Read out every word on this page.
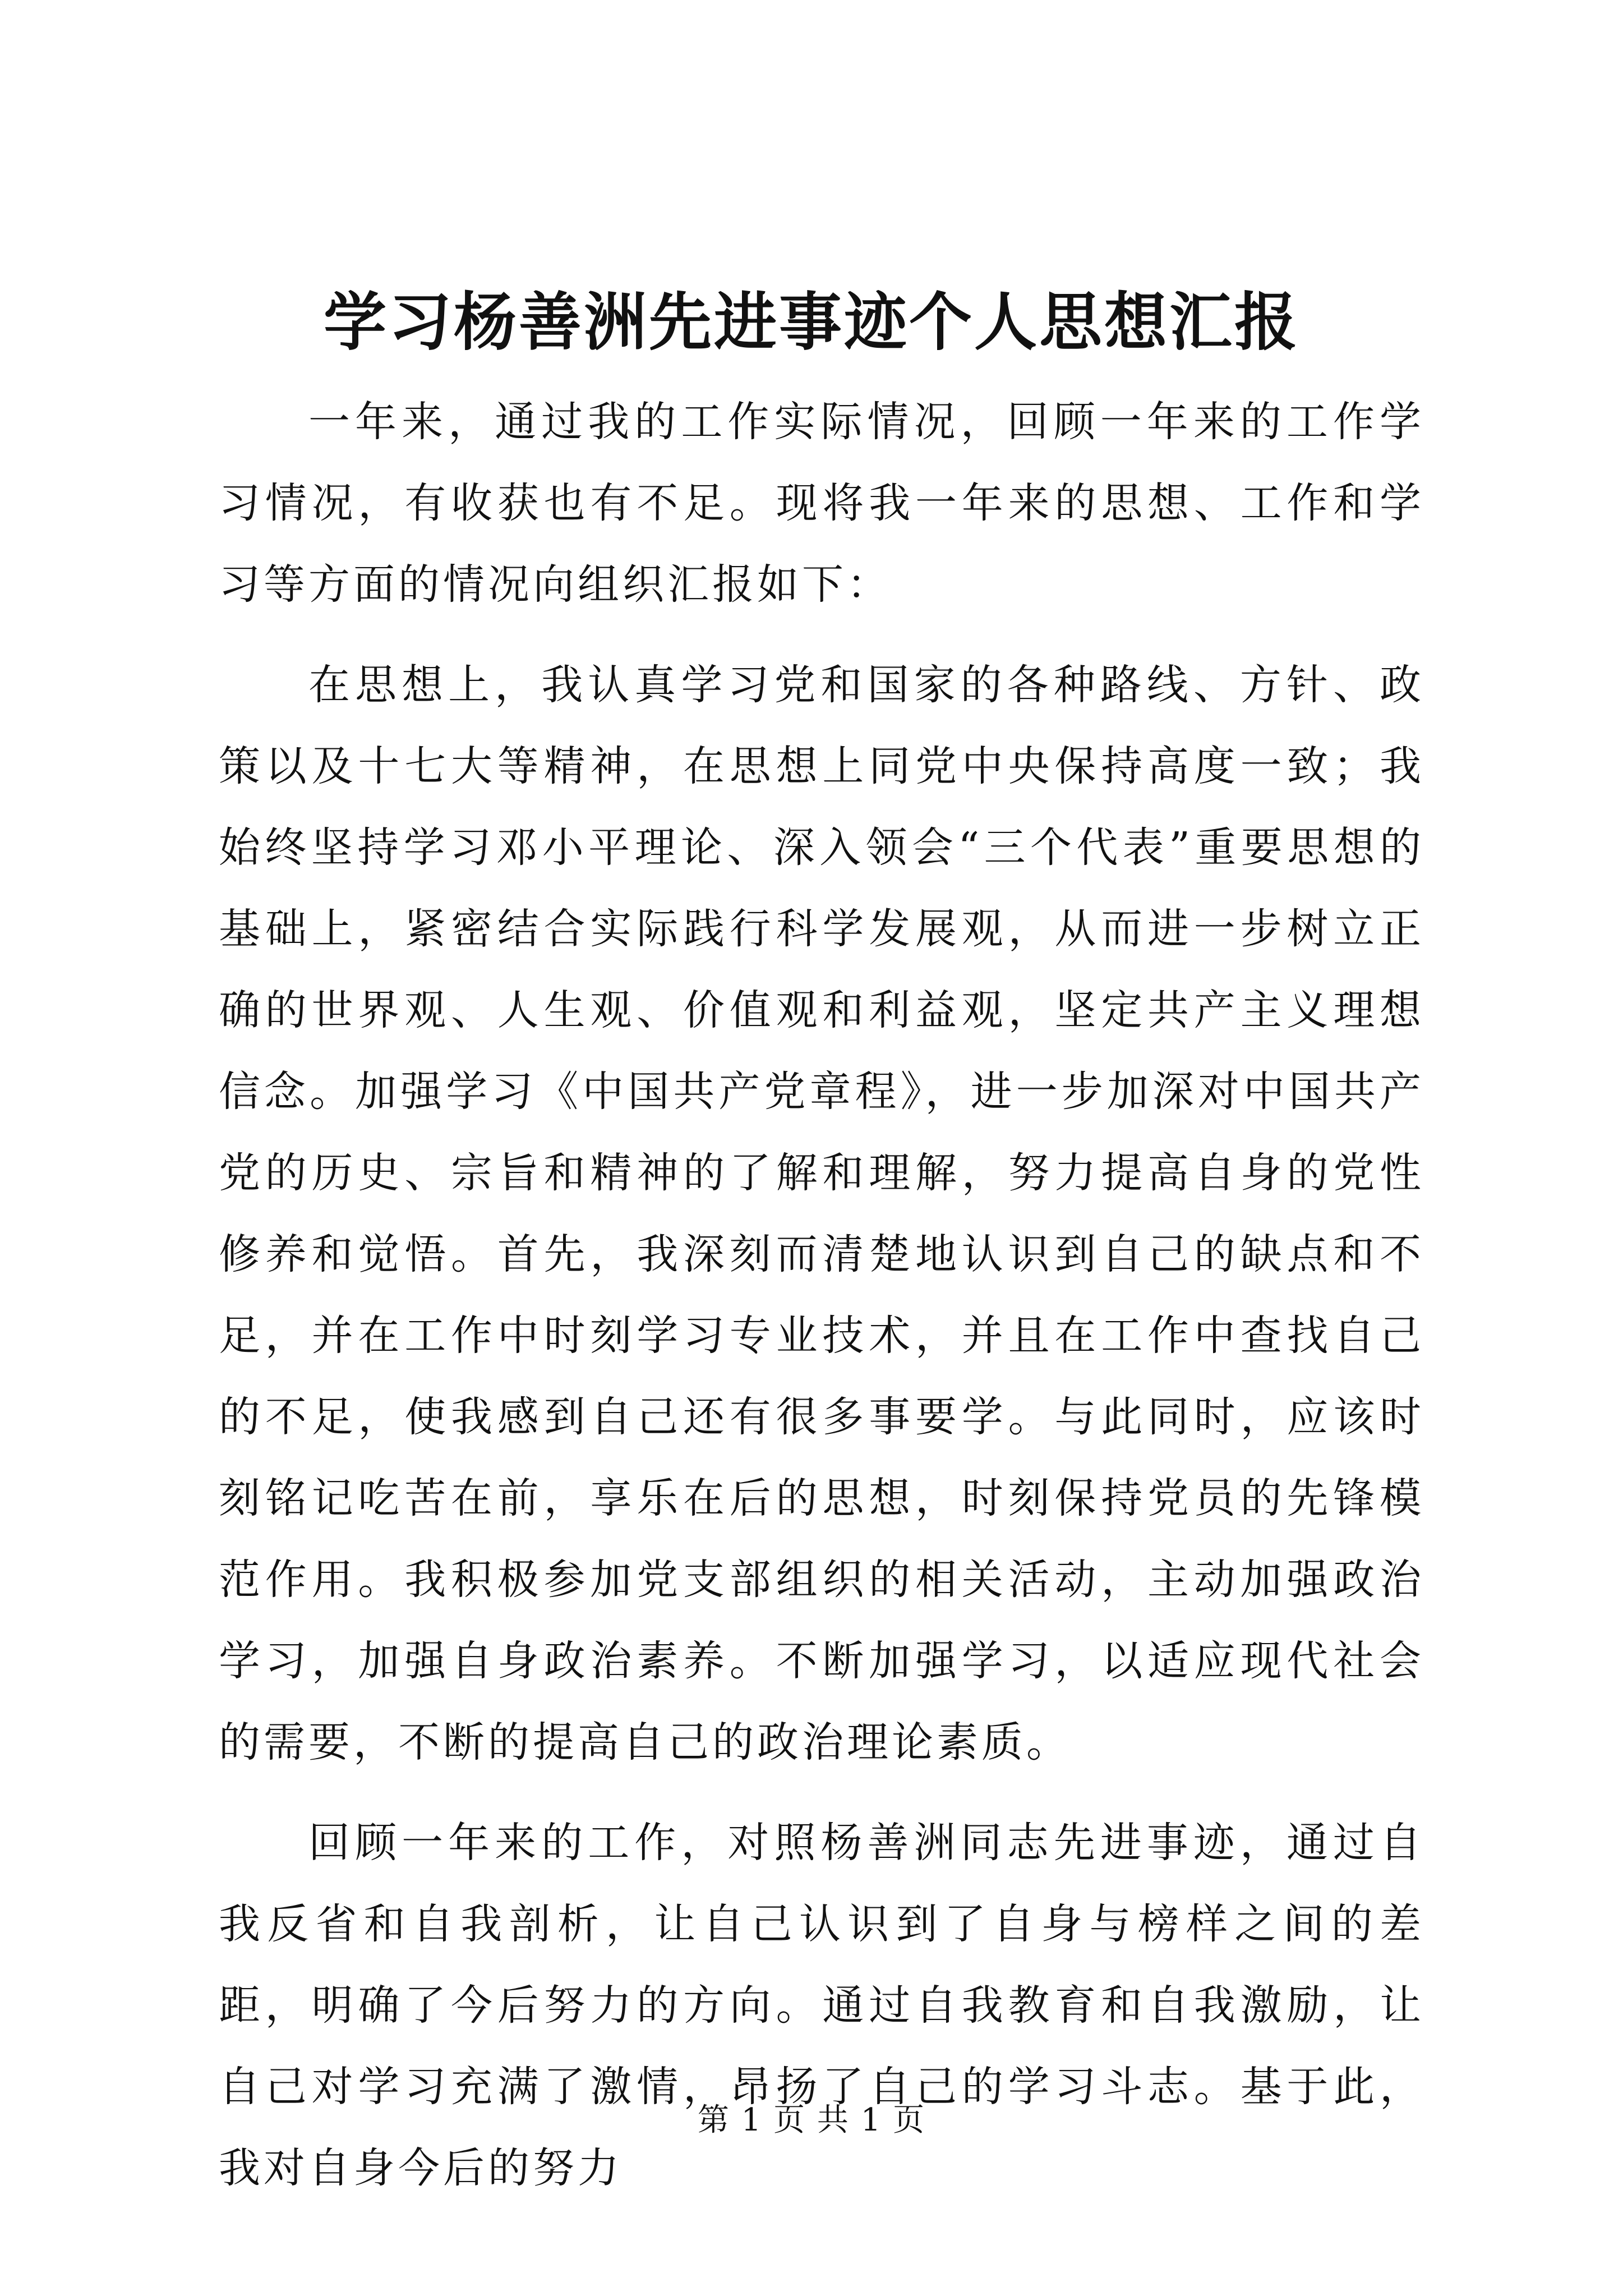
学习杨善洲先进事迹个人思想汇报

一年来，通过我的工作实际情况，回顾一年来的工作学习情况，有收获也有不足。现将我一年来的思想、工作和学习等方面的情况向组织汇报如下：

在思想上，我认真学习党和国家的各种路线、方针、政策以及十七大等精神，在思想上同党中央保持高度一致；我始终坚持学习邓小平理论、深入领会“三个代表”重要思想的基础上，紧密结合实际践行科学发展观，从而进一步树立正确的世界观、人生观、价值观和利益观，坚定共产主义理想信念。加强学习《中国共产党章程》，进一步加深对中国共产党的历史、宗旨和精神的了解和理解，努力提高自身的党性修养和觉悟。首先，我深刻而清楚地认识到自己的缺点和不足，并在工作中时刻学习专业技术，并且在工作中查找自己的不足，使我感到自己还有很多事要学。与此同时，应该时刻铭记吃苦在前，享乐在后的思想，时刻保持党员的先锋模范作用。我积极参加党支部组织的相关活动，主动加强政治学习，加强自身政治素养。不断加强学习，以适应现代社会的需要，不断的提高自己的政治理论素质。

回顾一年来的工作，对照杨善洲同志先进事迹，通过自我反省和自我剖析，让自己认识到了自身与榜样之间的差距，明确了今后努力的方向。通过自我教育和自我激励，让自己对学习充满了激情，昂扬了自己的学习斗志。基于此，我对自身今后的努力

第 1 页 共 1 页
